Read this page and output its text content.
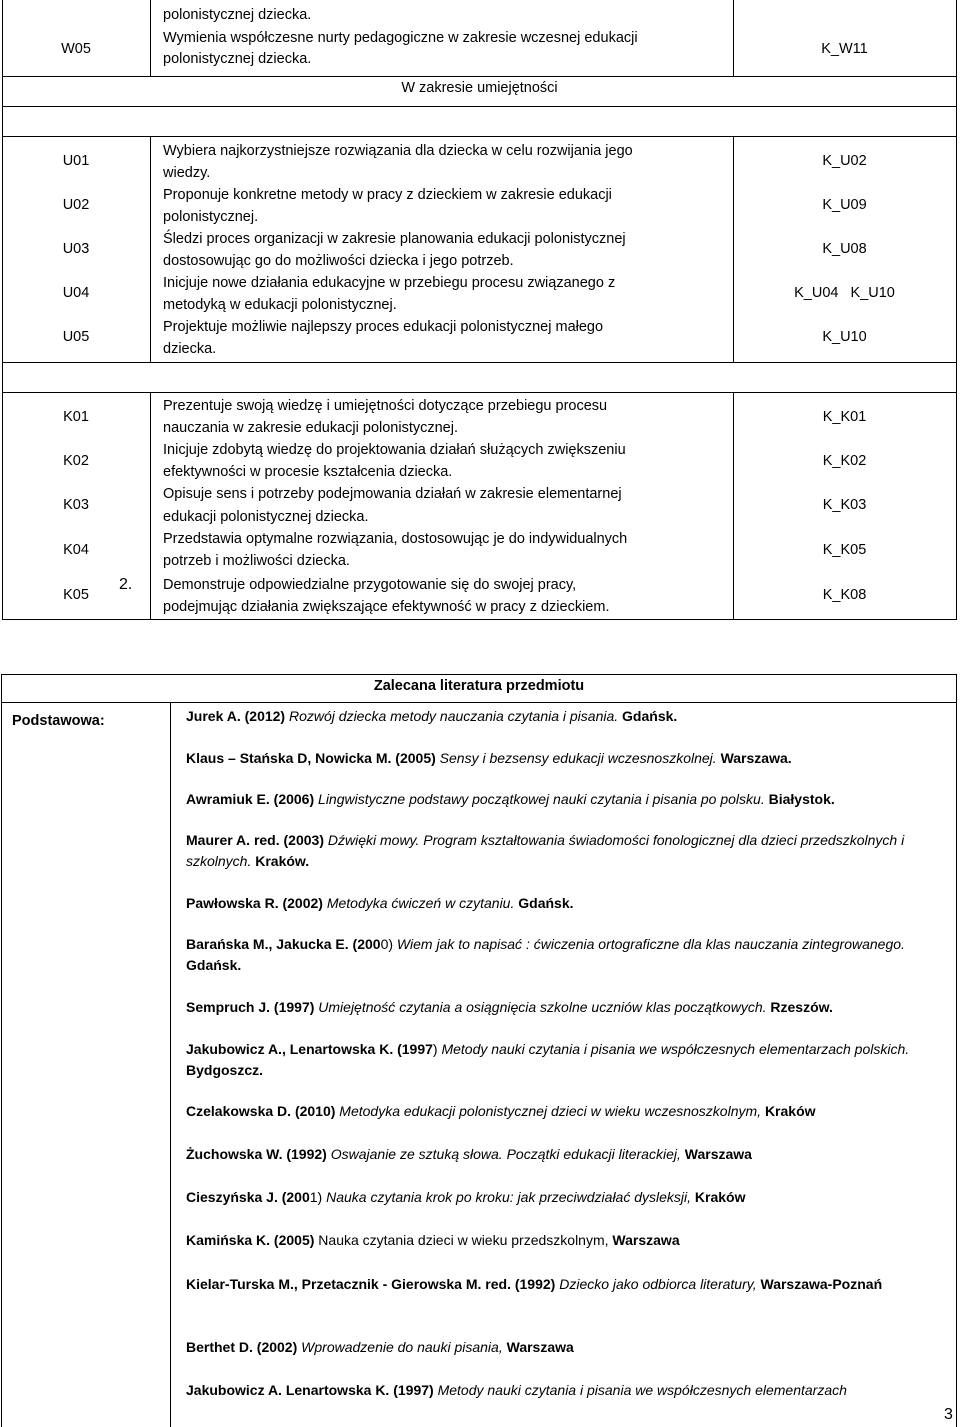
W05
polonistycznej dziecka.
Wymienia współczesne nurty pedagogiczne w zakresie wczesnej edukacji
polonistycznej dziecka.
K_W11
W zakresie umiejętności
U01
U02
U03
U04
U05
Wybiera najkorzystniejsze rozwiązania dla dziecka w celu rozwijania jego
wiedzy.
Proponuje konkretne metody w pracy z dzieckiem w zakresie edukacji
polonistycznej.
Śledzi proces organizacji w zakresie planowania edukacji polonistycznej
dostosowując go do możliwości dziecka i jego potrzeb.
Inicjuje nowe działania edukacyjne w przebiegu procesu związanego z
metodyką w edukacji polonistycznej.
Projektuje możliwie najlepszy proces edukacji polonistycznej małego
dziecka.
K_U02
K_U09
K_U08
K_U04   K_U10
K_U10
K01
K02
K03
K04
K05
Prezentuje swoją wiedzę i umiejętności dotyczące przebiegu procesu
nauczania w zakresie edukacji polonistycznej.
Inicjuje zdobytą wiedzę do projektowania działań służących zwiększeniu
efektywności w procesie kształcenia dziecka.
Opisuje sens i potrzeby podejmowania działań w zakresie elementarnej
edukacji polonistycznej dziecka.
Przedstawia optymalne rozwiązania, dostosowując je do indywidualnych
potrzeb i możliwości dziecka.
2. Demonstruje odpowiedzialne przygotowanie się do swojej pracy,
podejmując działania zwiększające efektywność w pracy z dzieckiem.
K_K01
K_K02
K_K03
K_K05
K_K08
Zalecana literatura przedmiotu
Podstawowa:	Jurek A. (2012) Rozwój dziecka metody nauczania czytania i pisania. Gdańsk.
Klaus – Stańska D, Nowicka M. (2005) Sensy i bezsensy edukacji wczesnoszkolnej. Warszawa.
Awramiuk E. (2006) Lingwistyczne podstawy początkowej nauki czytania i pisania po polsku. Białystok.
Maurer A. red. (2003) Dźwięki mowy. Program kształtowania świadomości fonologicznej dla dzieci przedszkolnych i szkolnych. Kraków.
Pawłowska R. (2002) Metodyka ćwiczeń w czytaniu. Gdańsk.
Barańska M., Jakucka E. (2000) Wiem jak to napisać : ćwiczenia ortograficzne dla klas nauczania zintegrowanego. Gdańsk.
Sempruch J. (1997) Umiejętność czytania a osiągnięcia szkolne uczniów klas początkowych. Rzeszów.
Jakubowicz A., Lenartowska K. (1997) Metody nauki czytania i pisania we współczesnych elementarzach polskich. Bydgoszcz.
Czelakowska D. (2010) Metodyka edukacji polonistycznej dzieci w wieku wczesnoszkolnym, Kraków
Żuchowska W. (1992) Oswajanie ze sztuką słowa. Początki edukacji literackiej, Warszawa
Cieszyńska J. (2001) Nauka czytania krok po kroku: jak przeciwdziałać dysleksji, Kraków
Kamińska K. (2005) Nauka czytania dzieci w wieku przedszkolnym, Warszawa
Kielar-Turska M., Przetacznik - Gierowska M. red. (1992) Dziecko jako odbiorca literatury, Warszawa-Poznań
Berthet D. (2002) Wprowadzenie do nauki pisania, Warszawa
Jakubowicz A. Lenartowska K. (1997) Metody nauki czytania i pisania we współczesnych elementarzach
3
